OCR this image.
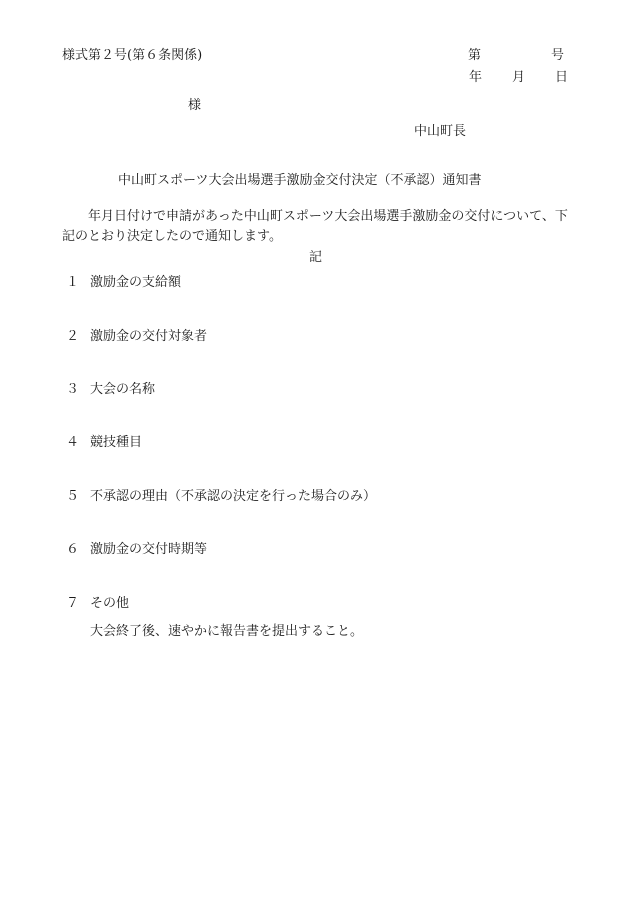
様式第２号(第６条関係)	第	号
年 月 日
様
中山町長
中山町スポーツ大会出場選手激励金交付決定（不承認）通知書
年月日付けで申請があった中山町スポーツ大会出場選手激励金の交付について、下記のとおり決定したので通知します。
記
１ 激励金の支給額
２ 激励金の交付対象者
３ 大会の名称
４ 競技種目
５ 不承認の理由（不承認の決定を行った場合のみ）
６ 激励金の交付時期等
７ その他
大会終了後、速やかに報告書を提出すること。
